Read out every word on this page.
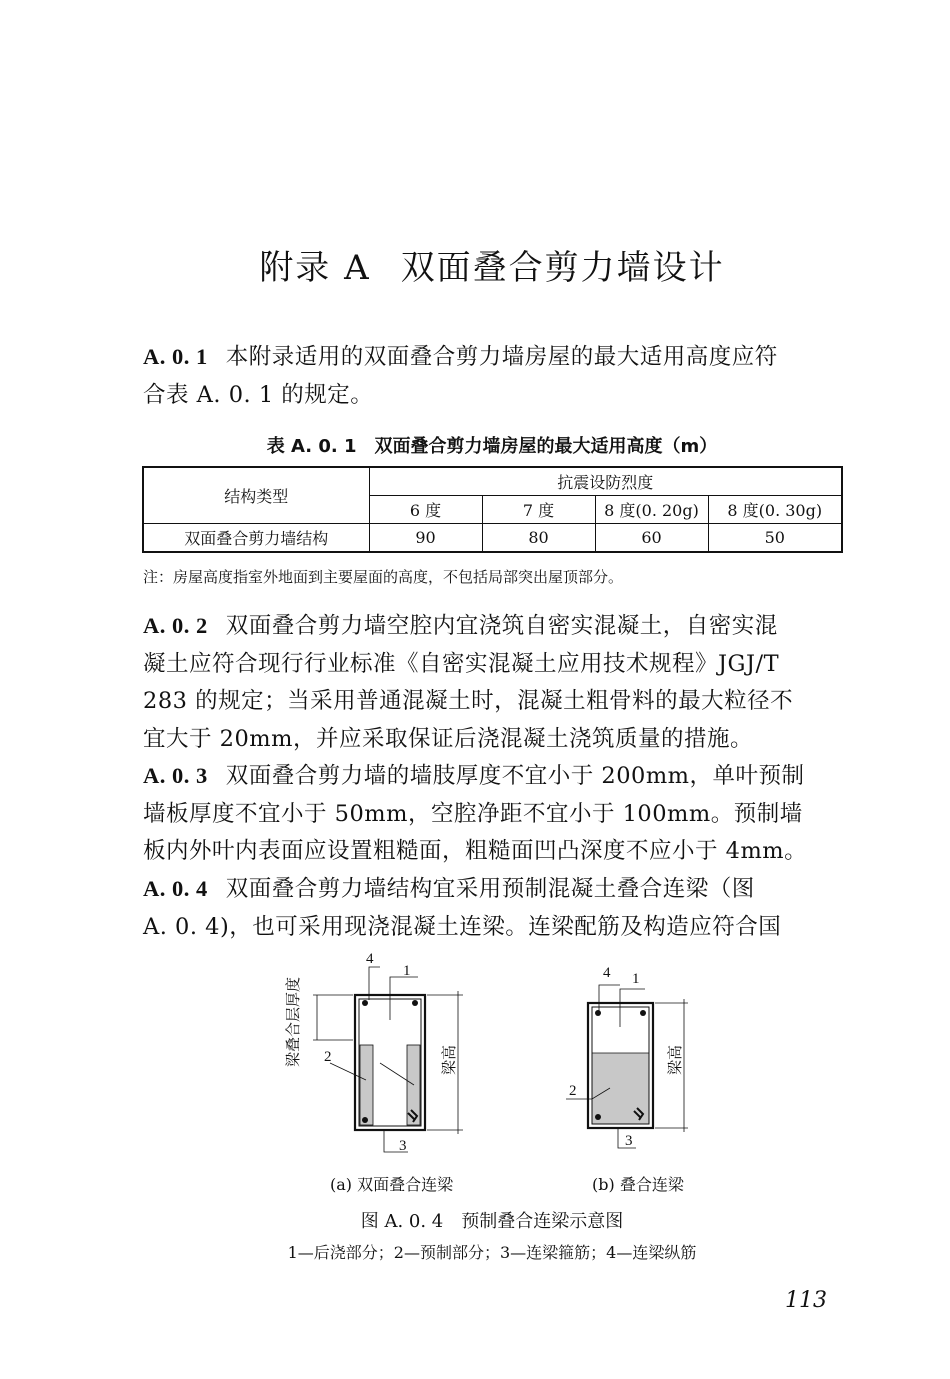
附录 A 双面叠合剪力墙设计
A. 0. 1 本附录适用的双面叠合剪力墙房屋的最大适用高度应符
合表 A. 0. 1 的规定。
表 A. 0. 1 双面叠合剪力墙房屋的最大适用高度（m）
结构类型	抗震设防烈度			
	6 度	7 度	8 度(0. 20g)	8 度(0. 30g)
双面叠合剪力墙结构	90	80	60	50
注：房屋高度指室外地面到主要屋面的高度，不包括局部突出屋顶部分。
A. 0. 2 双面叠合剪力墙空腔内宜浇筑自密实混凝土，自密实混
凝土应符合现行行业标准《自密实混凝土应用技术规程》JGJ/T
283 的规定；当采用普通混凝土时，混凝土粗骨料的最大粒径不
宜大于 20mm，并应采取保证后浇混凝土浇筑质量的措施。
A. 0. 3 双面叠合剪力墙的墙肢厚度不宜小于 200mm，单叶预制
墙板厚度不宜小于 50mm，空腔净距不宜小于 100mm。预制墙
板内外叶内表面应设置粗糙面，粗糙面凹凸深度不应小于 4mm。
A. 0. 4 双面叠合剪力墙结构宜采用预制混凝土叠合连梁（图
A. 0. 4)，也可采用现浇混凝土连梁。连梁配筋及构造应符合国
4
1
2
3
梁叠合层厚度	梁高
4 1
2
3
梁高
(a) 双面叠合连梁	(b) 叠合连梁
图 A. 0. 4 预制叠合连梁示意图
1—后浇部分；2—预制部分；3—连梁箍筋；4—连梁纵筋
113
